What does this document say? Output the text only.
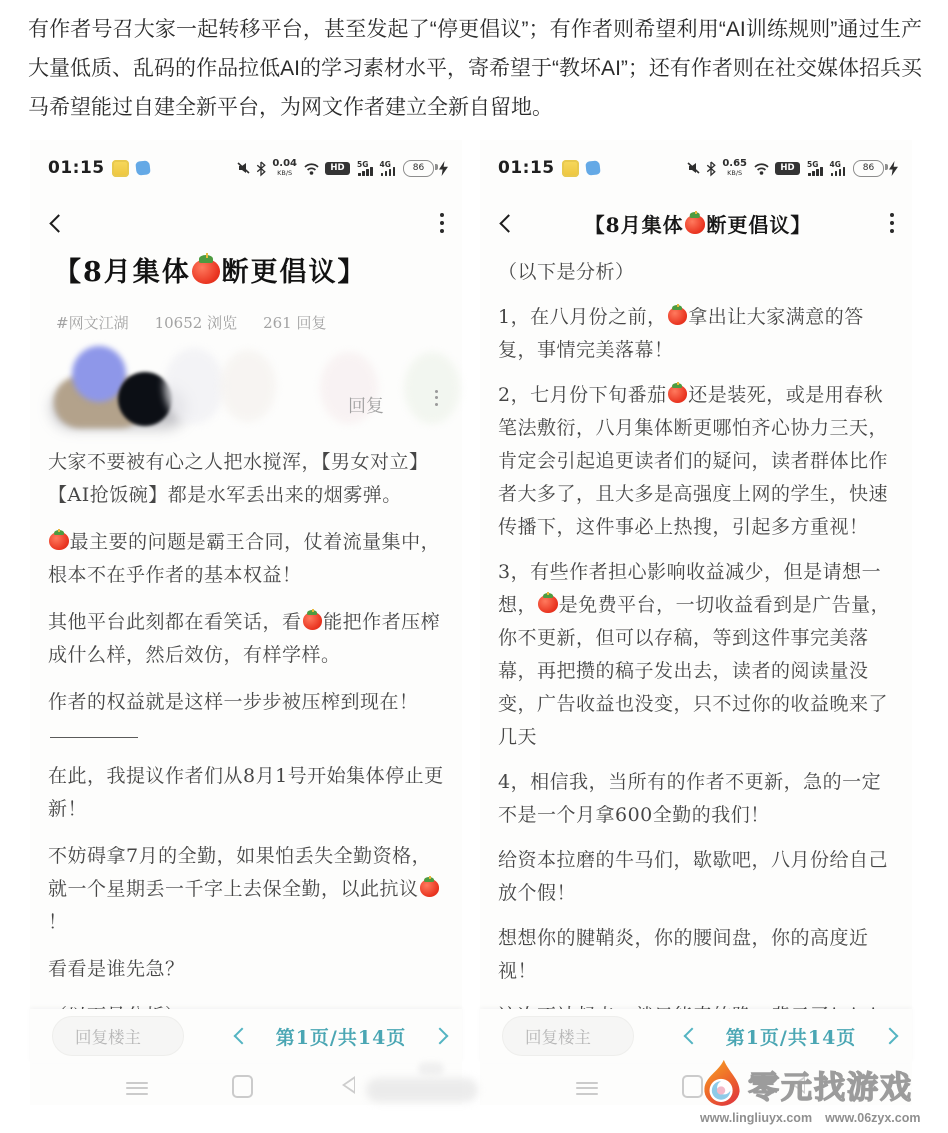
有作者号召大家一起转移平台，甚至发起了“停更倡议”；有作者则希望利用“AI训练规则”通过生产大量低质、乱码的作品拉低AI的学习素材水平，寄希望于“教坏AI”；还有作者则在社交媒体招兵买马希望能过自建全新平台，为网文作者建立全新自留地。
01:15	0.04
KB/S
HD	5G 4G 86
【8月集体 断更倡议】
#网文江湖 10652 浏览 261 回复
回复

大家不要被有心之人把水搅浑，【男女对立】【AI抢饭碗】都是水军丢出来的烟雾弹。

最主要的问题是霸王合同，仗着流量集中，根本不在乎作者的基本权益！

其他平台此刻都在看笑话，看 能把作者压榨成什么样，然后效仿，有样学样。

作者的权益就是这样一步步被压榨到现在！

在此，我提议作者们从8月1号开始集体停止更新！

不妨碍拿7月的全勤，如果怕丢失全勤资格，就一个星期丢一千字上去保全勤，以此抗议！

看看是谁先急？

回复楼主	第1页/共14页
01:15	0.65
KB/S
HD	5G 4G 86
【8月集体 断更倡议】

（以下是分析）

1，在八月份之前， 拿出让大家满意的答复，事情完美落幕！

2，七月份下旬番茄 还是装死，或是用春秋笔法敷衍，八月集体断更哪怕齐心协力三天，肯定会引起追更读者们的疑问，读者群体比作者大多了，且大多是高强度上网的学生，快速传播下，这件事必上热搜，引起多方重视！

3，有些作者担心影响收益减少，但是请想一想， 是免费平台，一切收益看到是广告量，你不更新，但可以存稿，等到这件事完美落幕，再把攒的稿子发出去，读者的阅读量没变，广告收益也没变，只不过你的收益晚来了几天

4，相信我，当所有的作者不更新，急的一定不是一个月拿600全勤的我们！

给资本拉磨的牛马们，歇歇吧，八月份给自己放个假！

想想你的腱鞘炎，你的腰间盘，你的高度近视！

回复楼主	第1页/共14页
零元找游戏
www.lingliuyx.com www.06zyx.com
